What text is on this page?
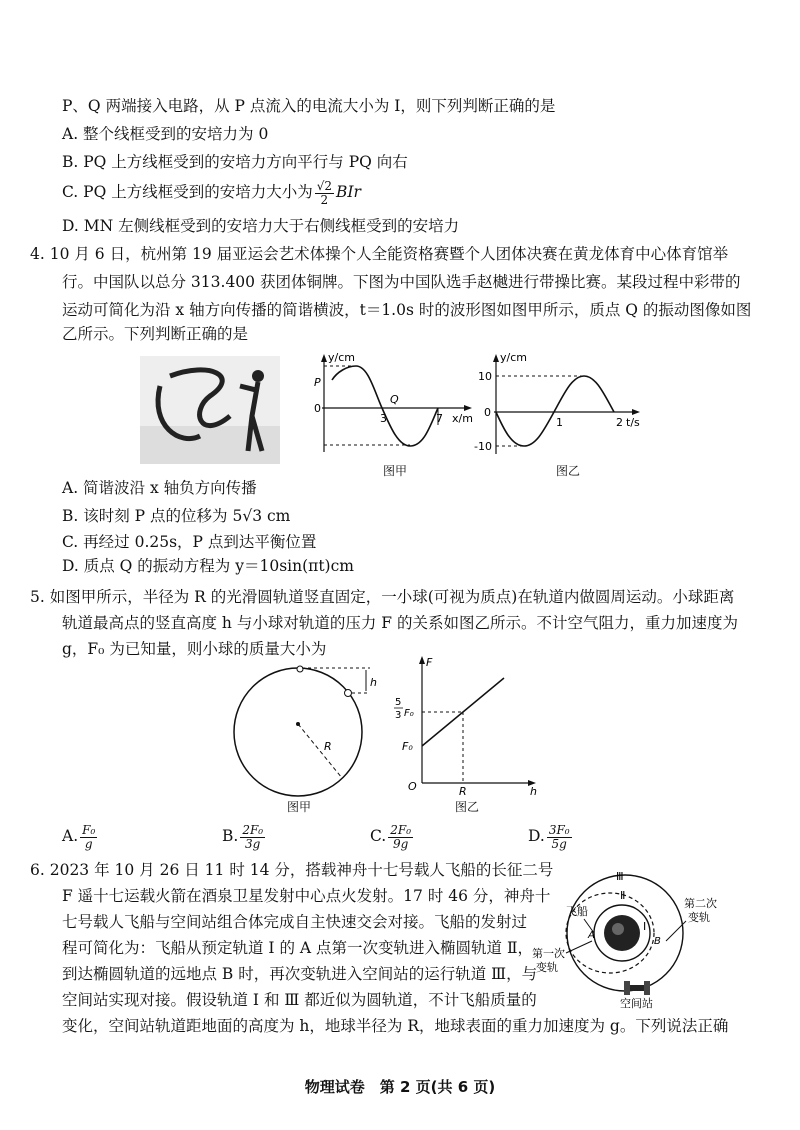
P、Q 两端接入电路，从 P 点流入的电流大小为 I，则下列判断正确的是
A. 整个线框受到的安培力为 0
B. PQ 上方线框受到的安培力方向平行与 PQ 向右
C. PQ 上方线框受到的安培力大小为 $\frac{√2}{2}$ BIr
D. MN 左侧线框受到的安培力大于右侧线框受到的安培力
4. 10 月 6 日，杭州第 19 届亚运会艺术体操个人全能资格赛暨个人团体决赛在黄龙体育中心体育馆举
行。中国队以总分 313.400 获团体铜牌。下图为中国队选手赵樾进行带操比赛。某段过程中彩带的
运动可简化为沿 x 轴方向传播的简谐横波，t＝1.0s 时的波形图如图甲所示，质点 Q 的振动图像如图
乙所示。下列判断正确的是
y/cm
P
0
3
Q
7 x/m
图甲
y/cm
10
0
-10
1	2 t/s
图乙
A. 简谐波沿 x 轴负方向传播
B. 该时刻 P 点的位移为 5√3 cm
C. 再经过 0.25s，P 点到达平衡位置
D. 质点 Q 的振动方程为 y＝10sin(πt)cm
5. 如图甲所示，半径为 R 的光滑圆轨道竖直固定，一小球(可视为质点)在轨道内做圆周运动。小球距离
轨道最高点的竖直高度 h 与小球对轨道的压力 F 的关系如图乙所示。不计空气阻力，重力加速度为
g，F₀ 为已知量，则小球的质量大小为
h
R
图甲
F
5
3 F₀
F₀
O	R	h
图乙
A. $\frac{\text{F₀}}{g}$	B. $\frac{\text{2F₀}}{3g}$	C. $\frac{\text{2F₀}}{9g}$	D. $\frac{\text{3F₀}}{5g}$
6. 2023 年 10 月 26 日 11 时 14 分，搭载神舟十七号载人飞船的长征二号
F 遥十七运载火箭在酒泉卫星发射中心点火发射。17 时 46 分，神舟十
七号载人飞船与空间站组合体完成自主快速交会对接。飞船的发射过
程可简化为：飞船从预定轨道 Ⅰ 的 A 点第一次变轨进入椭圆轨道 Ⅱ，
到达椭圆轨道的远地点 B 时，再次变轨进入空间站的运行轨道 Ⅲ，与
空间站实现对接。假设轨道 Ⅰ 和 Ⅲ 都近似为圆轨道，不计飞船质量的
变化，空间站轨道距地面的高度为 h，地球半径为 R，地球表面的重力加速度为 g。下列说法正确
Ⅲ
Ⅱ
Ⅰ
飞船
A
B
第二次
变轨
第一次
变轨
空间站
物理试卷　第 2 页(共 6 页)
